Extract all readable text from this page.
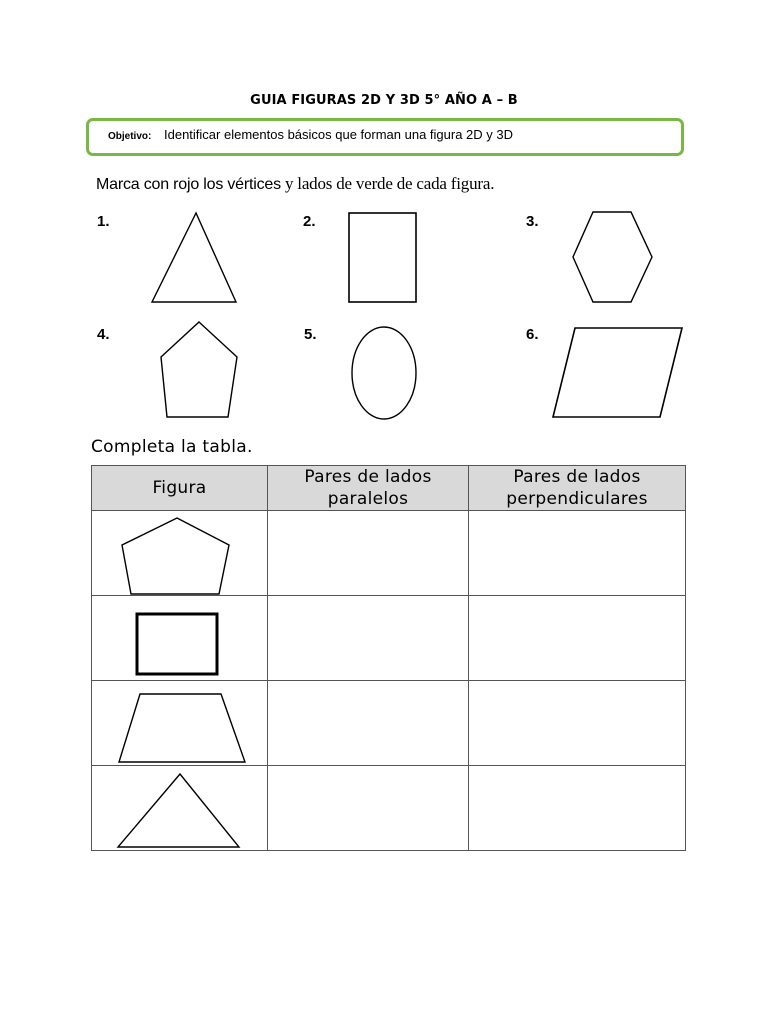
GUIA FIGURAS 2D Y 3D 5° AÑO A – B
Objetivo: Identificar elementos básicos que forman una figura 2D y 3D
Marca con rojo los vértices y lados de verde de cada figura.
1.	2.	3.
4.	5.	6.
Completa la tabla.
Figura	Pares de lados paralelos	Pares de lados perpendiculares
